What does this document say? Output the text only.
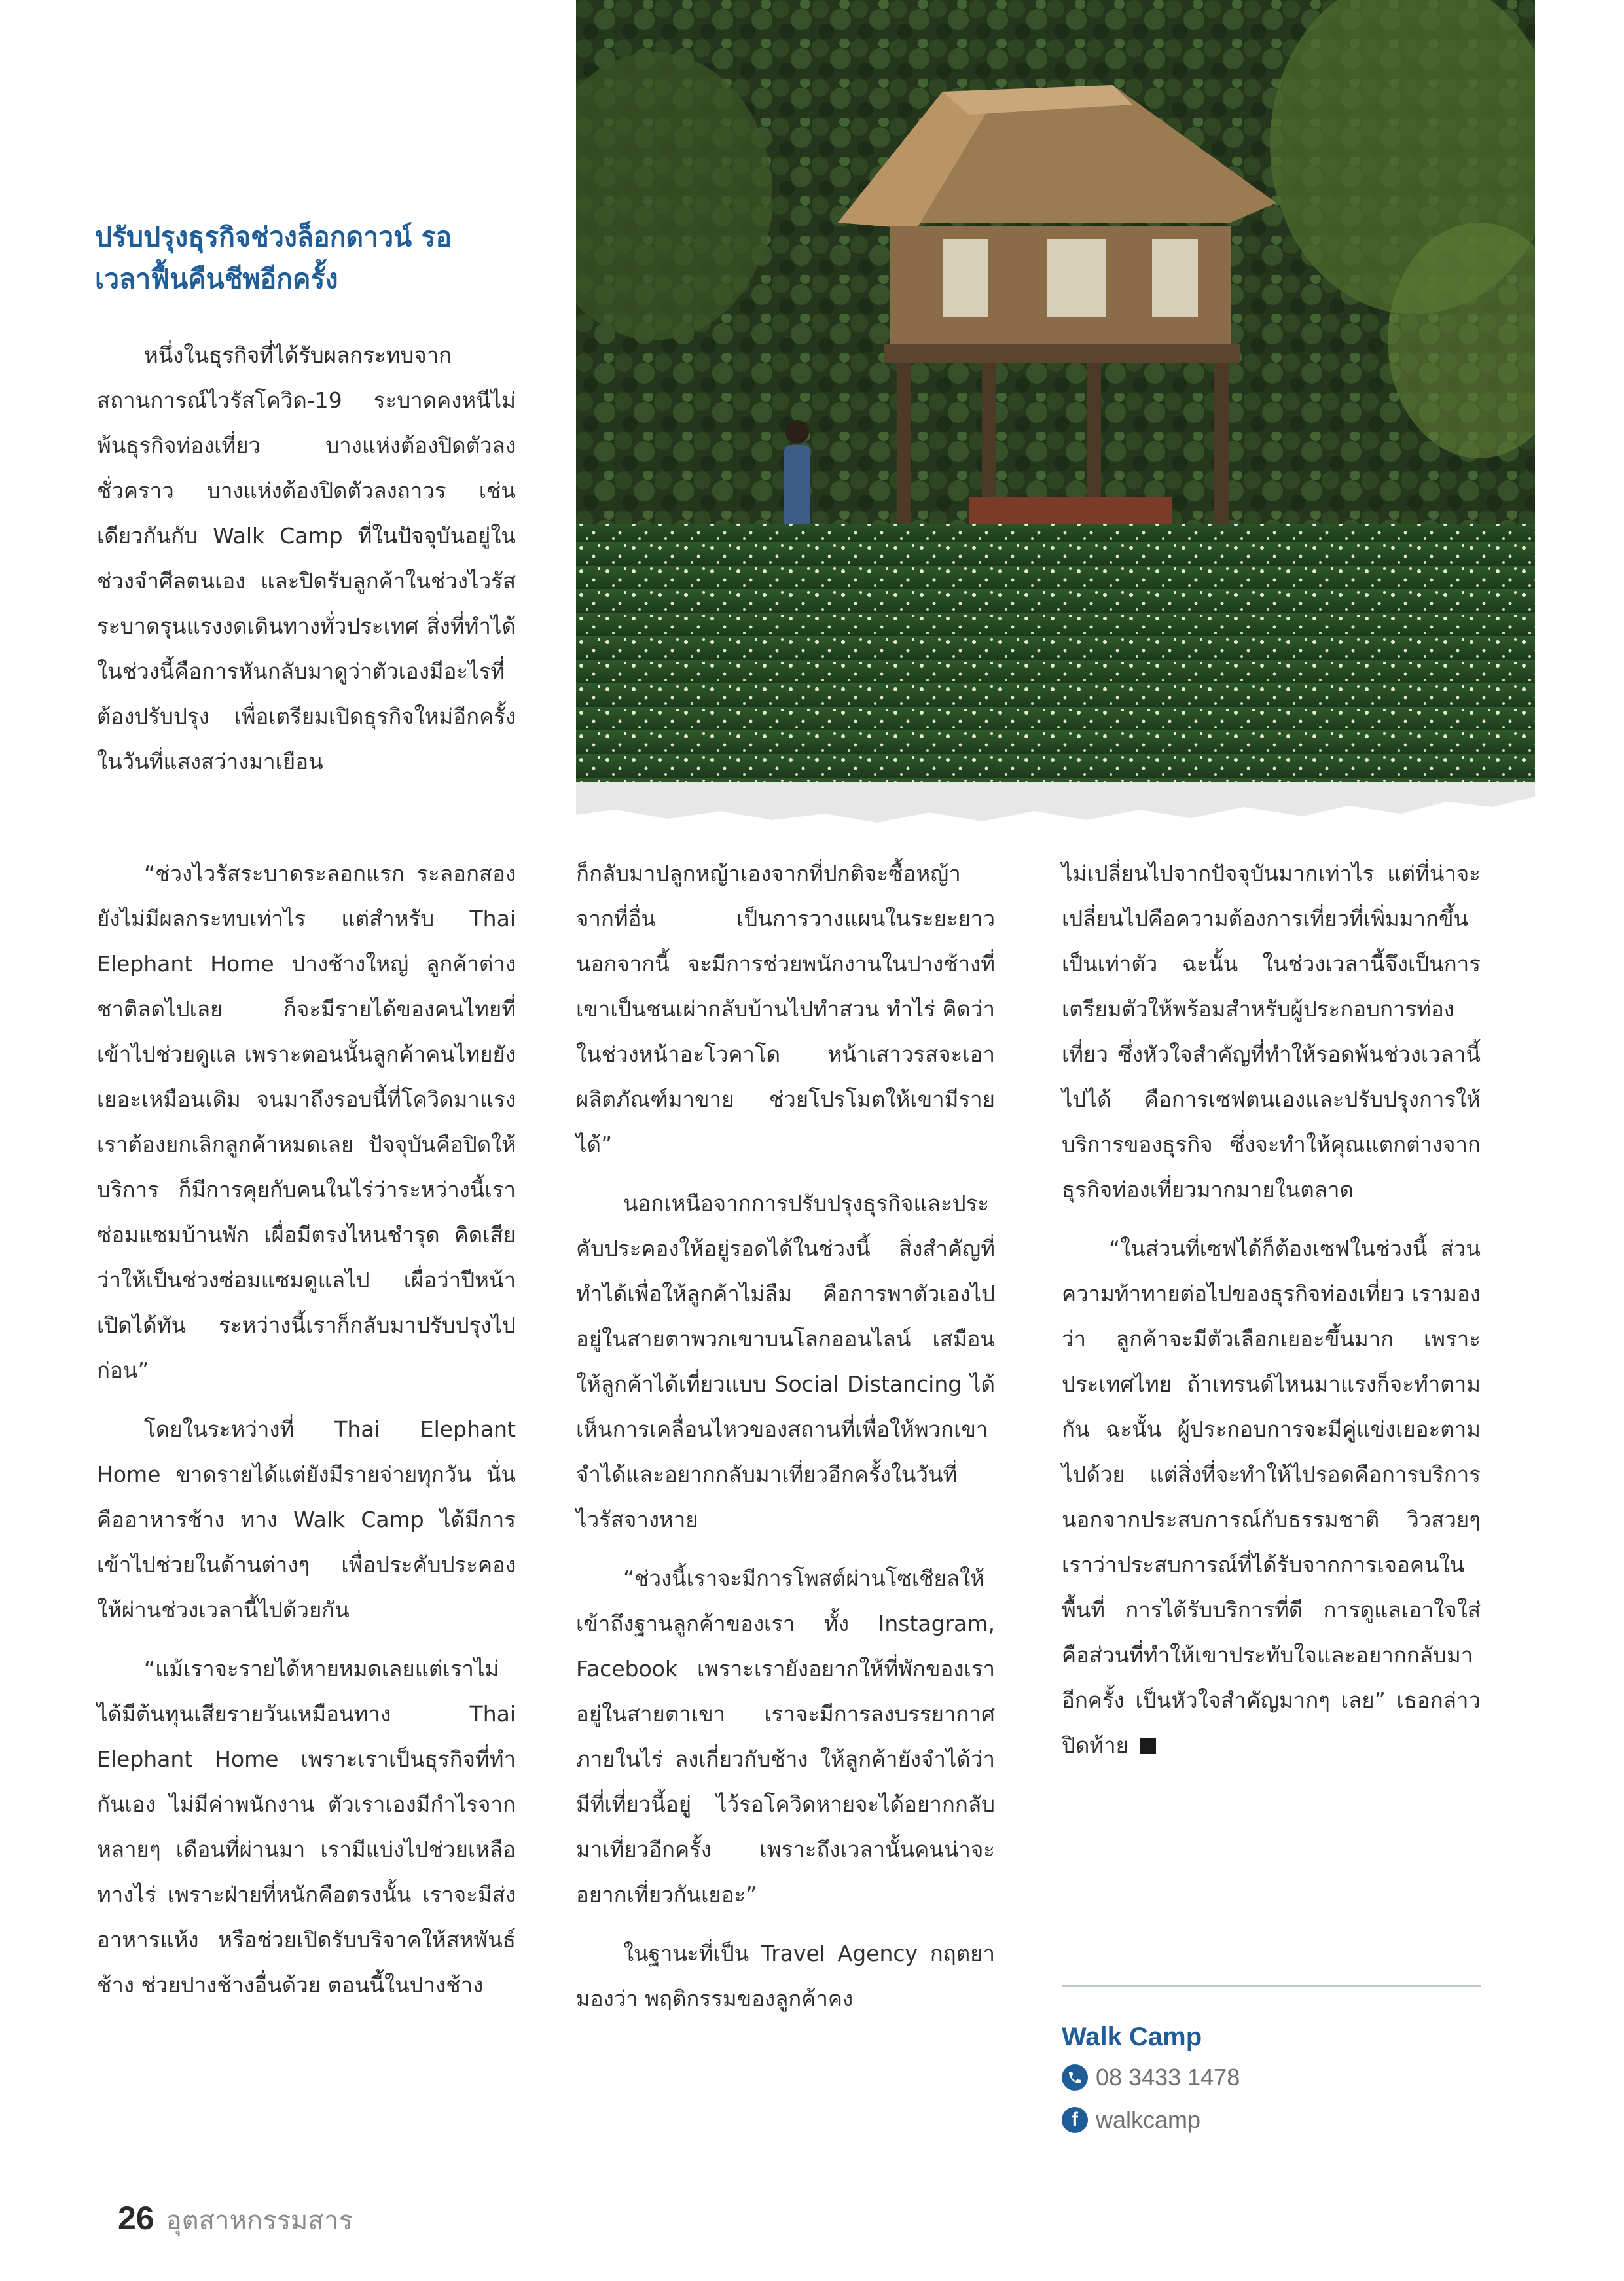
ปรับปรุงธุรกิจช่วงล็อกดาวน์ รอ
เวลาฟื้นคืนชีพอีกครั้ง

หนึ่งในธุรกิจที่ได้รับผลกระทบจากสถานการณ์ไวรัสโควิด-19 ระบาดคงหนีไม่พ้นธุรกิจท่องเที่ยว บางแห่งต้องปิดตัวลงชั่วคราว บางแห่งต้องปิดตัวลงถาวร เช่นเดียวกันกับ Walk Camp ที่ในปัจจุบันอยู่ในช่วงจำศีลตนเอง และปิดรับลูกค้าในช่วงไวรัสระบาดรุนแรงงดเดินทางทั่วประเทศ สิ่งที่ทำได้ในช่วงนี้คือการหันกลับมาดูว่าตัวเองมีอะไรที่ต้องปรับปรุง เพื่อเตรียมเปิดธุรกิจใหม่อีกครั้งในวันที่แสงสว่างมาเยือน

“ช่วงไวรัสระบาดระลอกแรก ระลอกสองยังไม่มีผลกระทบเท่าไร แต่สำหรับ Thai Elephant Home ปางช้างใหญ่ ลูกค้าต่างชาติลดไปเลย ก็จะมีรายได้ของคนไทยที่เข้าไปช่วยดูแล เพราะตอนนั้นลูกค้าคนไทยยังเยอะเหมือนเดิม จนมาถึงรอบนี้ที่โควิดมาแรง เราต้องยกเลิกลูกค้าหมดเลย ปัจจุบันคือปิดให้บริการ ก็มีการคุยกับคนในไร่ว่าระหว่างนี้เราซ่อมแซมบ้านพัก เผื่อมีตรงไหนชำรุด คิดเสียว่าให้เป็นช่วงซ่อมแซมดูแลไป เผื่อว่าปีหน้าเปิดได้ทัน ระหว่างนี้เราก็กลับมาปรับปรุงไปก่อน”

โดยในระหว่างที่ Thai Elephant Home ขาดรายได้แต่ยังมีรายจ่ายทุกวัน นั่นคืออาหารช้าง ทาง Walk Camp ได้มีการเข้าไปช่วยในด้านต่างๆ เพื่อประคับประคองให้ผ่านช่วงเวลานี้ไปด้วยกัน

“แม้เราจะรายได้หายหมดเลยแต่เราไม่ได้มีต้นทุนเสียรายวันเหมือนทาง Thai Elephant Home เพราะเราเป็นธุรกิจที่ทำกันเอง ไม่มีค่าพนักงาน ตัวเราเองมีกำไรจากหลายๆ เดือนที่ผ่านมา เรามีแบ่งไปช่วยเหลือทางไร่ เพราะฝ่ายที่หนักคือตรงนั้น เราจะมีส่งอาหารแห้ง หรือช่วยเปิดรับบริจาคให้สหพันธ์ช้าง ช่วยปางช้างอื่นด้วย ตอนนี้ในปางช้าง

ก็กลับมาปลูกหญ้าเองจากที่ปกติจะซื้อหญ้าจากที่อื่น เป็นการวางแผนในระยะยาว นอกจากนี้ จะมีการช่วยพนักงานในปางช้างที่เขาเป็นชนเผ่ากลับบ้านไปทำสวน ทำไร่ คิดว่าในช่วงหน้าอะโวคาโด หน้าเสาวรสจะเอาผลิตภัณฑ์มาขาย ช่วยโปรโมตให้เขามีรายได้”

นอกเหนือจากการปรับปรุงธุรกิจและประคับประคองให้อยู่รอดได้ในช่วงนี้ สิ่งสำคัญที่ทำได้เพื่อให้ลูกค้าไม่ลืม คือการพาตัวเองไปอยู่ในสายตาพวกเขาบนโลกออนไลน์ เสมือนให้ลูกค้าได้เที่ยวแบบ Social Distancing ได้เห็นการเคลื่อนไหวของสถานที่เพื่อให้พวกเขาจำได้และอยากกลับมาเที่ยวอีกครั้งในวันที่ไวรัสจางหาย

“ช่วงนี้เราจะมีการโพสต์ผ่านโซเชียลให้เข้าถึงฐานลูกค้าของเรา ทั้ง Instagram, Facebook เพราะเรายังอยากให้ที่พักของเราอยู่ในสายตาเขา เราจะมีการลงบรรยากาศภายในไร่ ลงเกี่ยวกับช้าง ให้ลูกค้ายังจำได้ว่ามีที่เที่ยวนี้อยู่ ไว้รอโควิดหายจะได้อยากกลับมาเที่ยวอีกครั้ง เพราะถึงเวลานั้นคนน่าจะอยากเที่ยวกันเยอะ”

ในฐานะที่เป็น Travel Agency กฤตยามองว่า พฤติกรรมของลูกค้าคง

ไม่เปลี่ยนไปจากปัจจุบันมากเท่าไร แต่ที่น่าจะเปลี่ยนไปคือความต้องการเที่ยวที่เพิ่มมากขึ้นเป็นเท่าตัว ฉะนั้น ในช่วงเวลานี้จึงเป็นการเตรียมตัวให้พร้อมสำหรับผู้ประกอบการท่องเที่ยว ซึ่งหัวใจสำคัญที่ทำให้รอดพ้นช่วงเวลานี้ไปได้ คือการเซฟตนเองและปรับปรุงการให้บริการของธุรกิจ ซึ่งจะทำให้คุณแตกต่างจากธุรกิจท่องเที่ยวมากมายในตลาด

“ในส่วนที่เซฟได้ก็ต้องเซฟในช่วงนี้ ส่วนความท้าทายต่อไปของธุรกิจท่องเที่ยว เรามองว่า ลูกค้าจะมีตัวเลือกเยอะขึ้นมาก เพราะประเทศไทย ถ้าเทรนด์ไหนมาแรงก็จะทำตามกัน ฉะนั้น ผู้ประกอบการจะมีคู่แข่งเยอะตามไปด้วย แต่สิ่งที่จะทำให้ไปรอดคือการบริการ นอกจากประสบการณ์กับธรรมชาติ วิวสวยๆ เราว่าประสบการณ์ที่ได้รับจากการเจอคนในพื้นที่ การได้รับบริการที่ดี การดูแลเอาใจใส่คือส่วนที่ทำให้เขาประทับใจและอยากกลับมาอีกครั้ง เป็นหัวใจสำคัญมากๆ เลย” เธอกล่าวปิดท้าย

Walk Camp
08 3433 1478
f walkcamp
26 อุตสาหกรรมสาร
